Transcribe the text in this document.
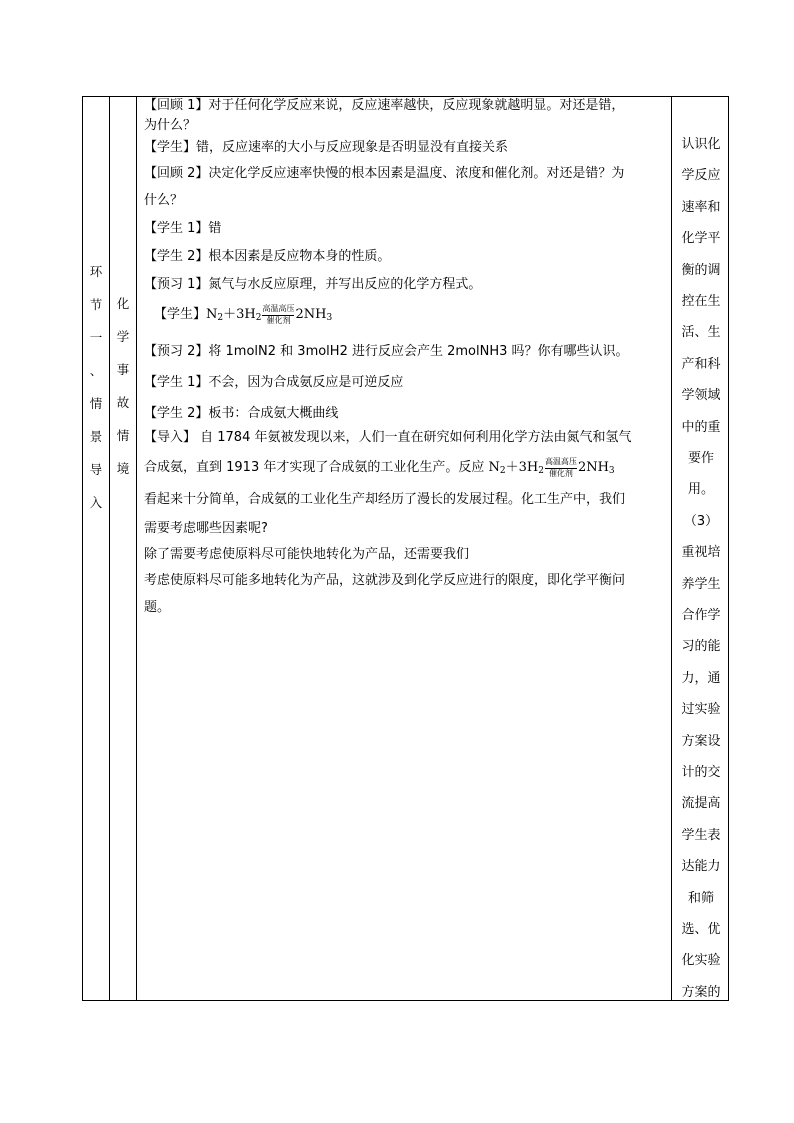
环
节
一
、
情
景
导
入
化
学
事
故
情
境
【回顾 1】对于任何化学反应来说，反应速率越快，反应现象就越明显。对还是错，
为什么？
【学生】错，反应速率的大小与反应现象是否明显没有直接关系
【回顾 2】决定化学反应速率快慢的根本因素是温度、浓度和催化剂。对还是错？为
什么？
【学生 1】错
【学生 2】根本因素是反应物本身的性质。
【预习 1】氮气与水反应原理，并写出反应的化学方程式。
【学生】$N_2+3H_2$
高温高压
催化剂 $2NH_3$
【预习 2】将 1molN2 和 3molH2 进行反应会产生 2molNH3 吗？你有哪些认识。
【学生 1】不会，因为合成氨反应是可逆反应
【学生 2】板书：合成氨大概曲线
【导入】 自 1784 年氨被发现以来，人们一直在研究如何利用化学方法由氮气和氢气
合成氨，直到 1913 年才实现了合成氨的工业化生产。反应 $N_2+3H_2$
高温高压
催化剂 $2NH_3$
看起来十分简单，合成氨的工业化生产却经历了漫长的发展过程。化工生产中，我们
需要考虑哪些因素呢?
除了需要考虑使原料尽可能快地转化为产品，还需要我们
考虑使原料尽可能多地转化为产品，这就涉及到化学反应进行的限度，即化学平衡问
题。
认识化
学反应
速率和
化学平
衡的调
控在生
活、生
产和科
学领域
中的重
要作
用。
（3）
重视培
养学生
合作学
习的能
力，通
过实验
方案设
计的交
流提高
学生表
达能力
和筛
选、优
化实验
方案的
